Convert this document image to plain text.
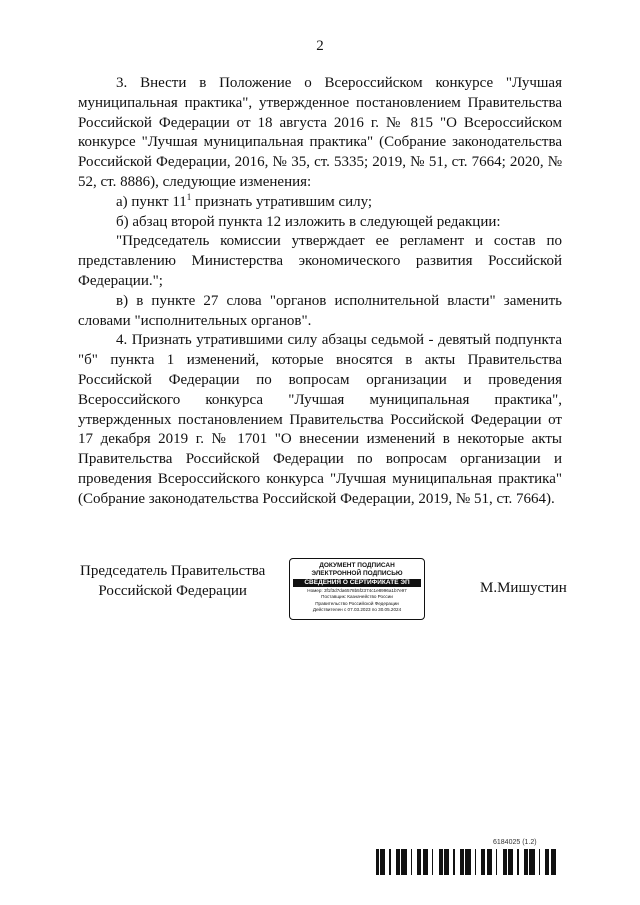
2

3. Внести в Положение о Всероссийском конкурсе "Лучшая муниципальная практика", утвержденное постановлением Правительства Российской Федерации от 18 августа 2016 г. № 815 "О Всероссийском конкурсе "Лучшая муниципальная практика" (Собрание законодательства Российской Федерации, 2016, № 35, ст. 5335; 2019, № 51, ст. 7664; 2020, № 52, ст. 8886), следующие изменения:

а) пункт $11^1$ признать утратившим силу;

б) абзац второй пункта 12 изложить в следующей редакции:

"Председатель комиссии утверждает ее регламент и состав по представлению Министерства экономического развития Российской Федерации.";

в) в пункте 27 слова "органов исполнительной власти" заменить словами "исполнительных органов".

4. Признать утратившими силу абзацы седьмой - девятый подпункта "б" пункта 1 изменений, которые вносятся в акты Правительства Российской Федерации по вопросам организации и проведения Всероссийского конкурса "Лучшая муниципальная практика", утвержденных постановлением Правительства Российской Федерации от 17 декабря 2019 г. № 1701 "О внесении изменений в некоторые акты Правительства Российской Федерации по вопросам организации и проведения Всероссийского конкурса "Лучшая муниципальная практика" (Собрание законодательства Российской Федерации, 2019, № 51, ст. 7664).

Председатель Правительства
Российской Федерации
ДОКУМЕНТ ПОДПИСАН
ЭЛЕКТРОННОЙ ПОДПИСЬЮ
СВЕДЕНИЯ О СЕРТИФИКАТЕ ЭП
Номер: 3f1f3d7da6578b5f2374c1e8996a1b7e97
Поставщик: Казначейство России
Правительство Российской Федерации
Действителен с 07.03.2023 по 30.05.2024
М.Мишустин
6184025 (1.2)
